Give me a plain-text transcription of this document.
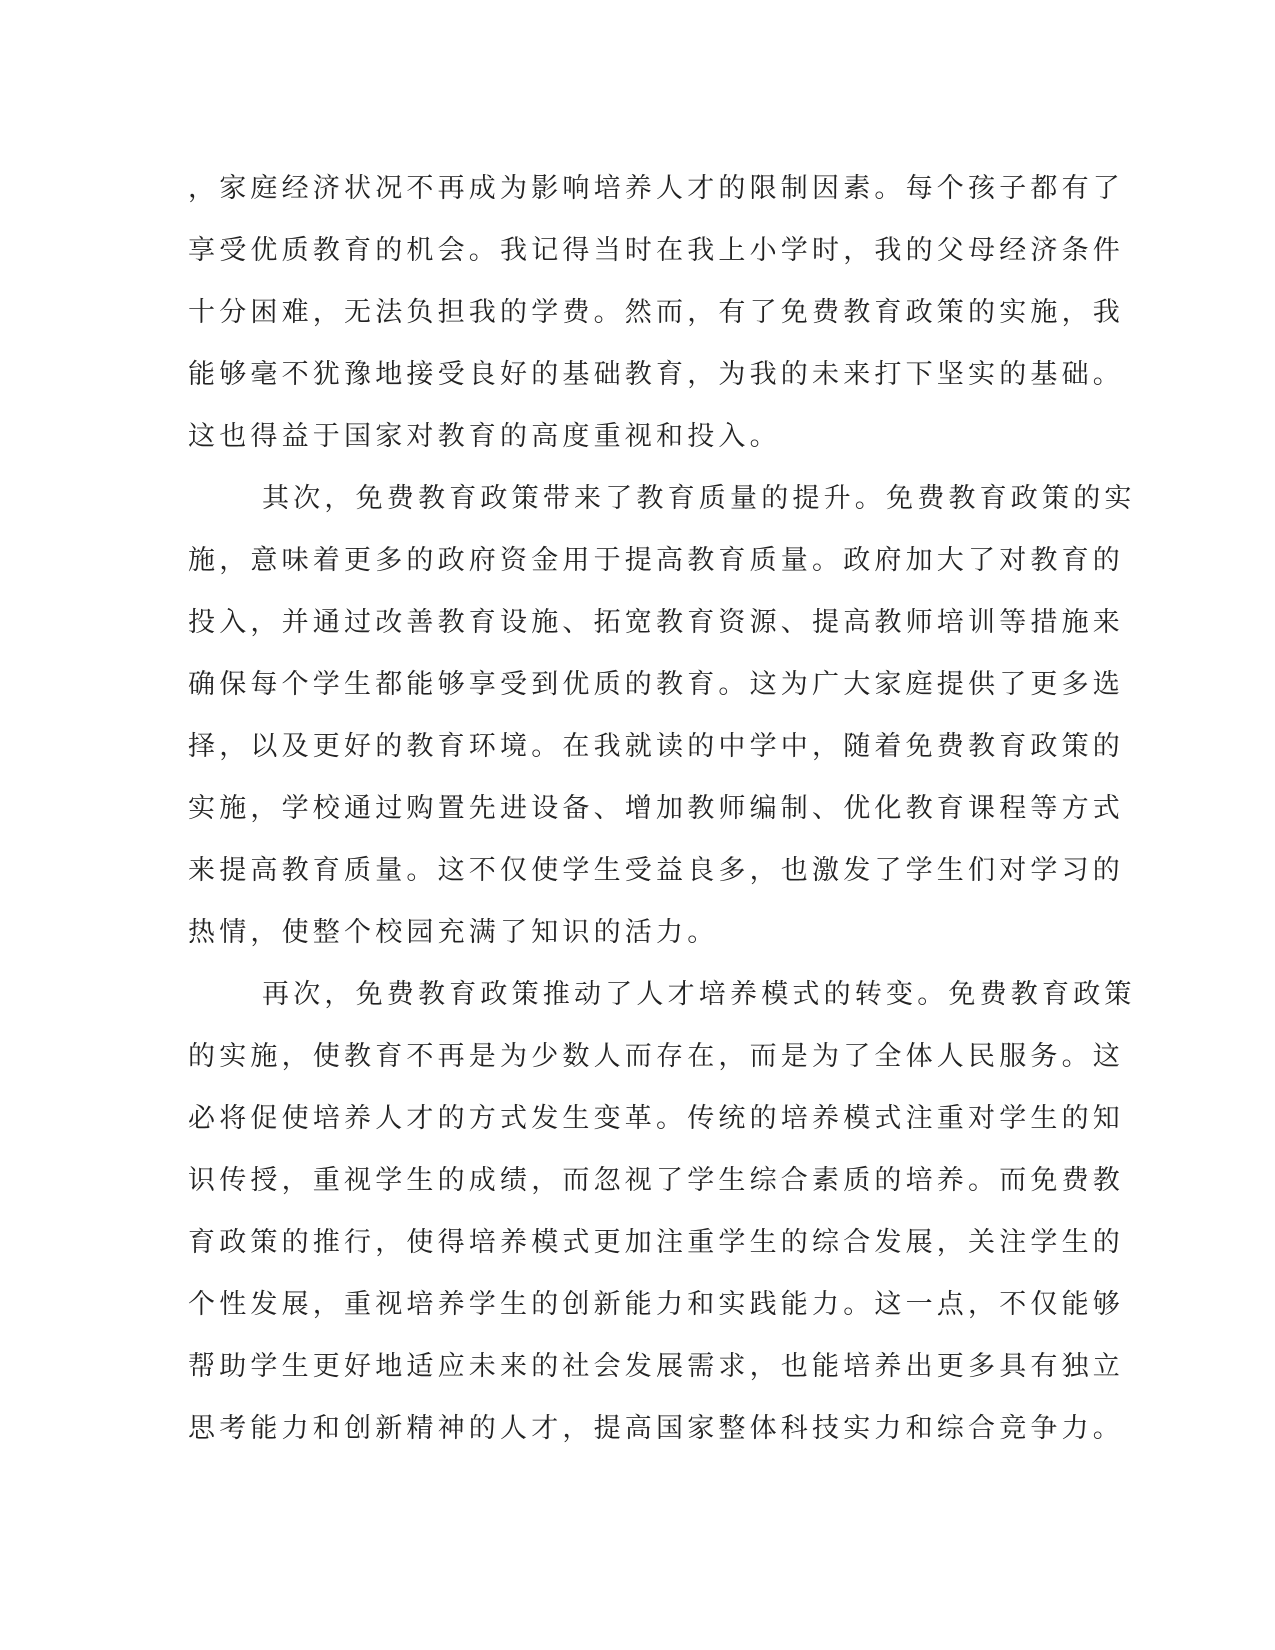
，家庭经济状况不再成为影响培养人才的限制因素。每个孩子都有了
享受优质教育的机会。我记得当时在我上小学时，我的父母经济条件
十分困难，无法负担我的学费。然而，有了免费教育政策的实施，我
能够毫不犹豫地接受良好的基础教育，为我的未来打下坚实的基础。
这也得益于国家对教育的高度重视和投入。
其次，免费教育政策带来了教育质量的提升。免费教育政策的实
施，意味着更多的政府资金用于提高教育质量。政府加大了对教育的
投入，并通过改善教育设施、拓宽教育资源、提高教师培训等措施来
确保每个学生都能够享受到优质的教育。这为广大家庭提供了更多选
择，以及更好的教育环境。在我就读的中学中，随着免费教育政策的
实施，学校通过购置先进设备、增加教师编制、优化教育课程等方式
来提高教育质量。这不仅使学生受益良多，也激发了学生们对学习的
热情，使整个校园充满了知识的活力。
再次，免费教育政策推动了人才培养模式的转变。免费教育政策
的实施，使教育不再是为少数人而存在，而是为了全体人民服务。这
必将促使培养人才的方式发生变革。传统的培养模式注重对学生的知
识传授，重视学生的成绩，而忽视了学生综合素质的培养。而免费教
育政策的推行，使得培养模式更加注重学生的综合发展，关注学生的
个性发展，重视培养学生的创新能力和实践能力。这一点，不仅能够
帮助学生更好地适应未来的社会发展需求，也能培养出更多具有独立
思考能力和创新精神的人才，提高国家整体科技实力和综合竞争力。
